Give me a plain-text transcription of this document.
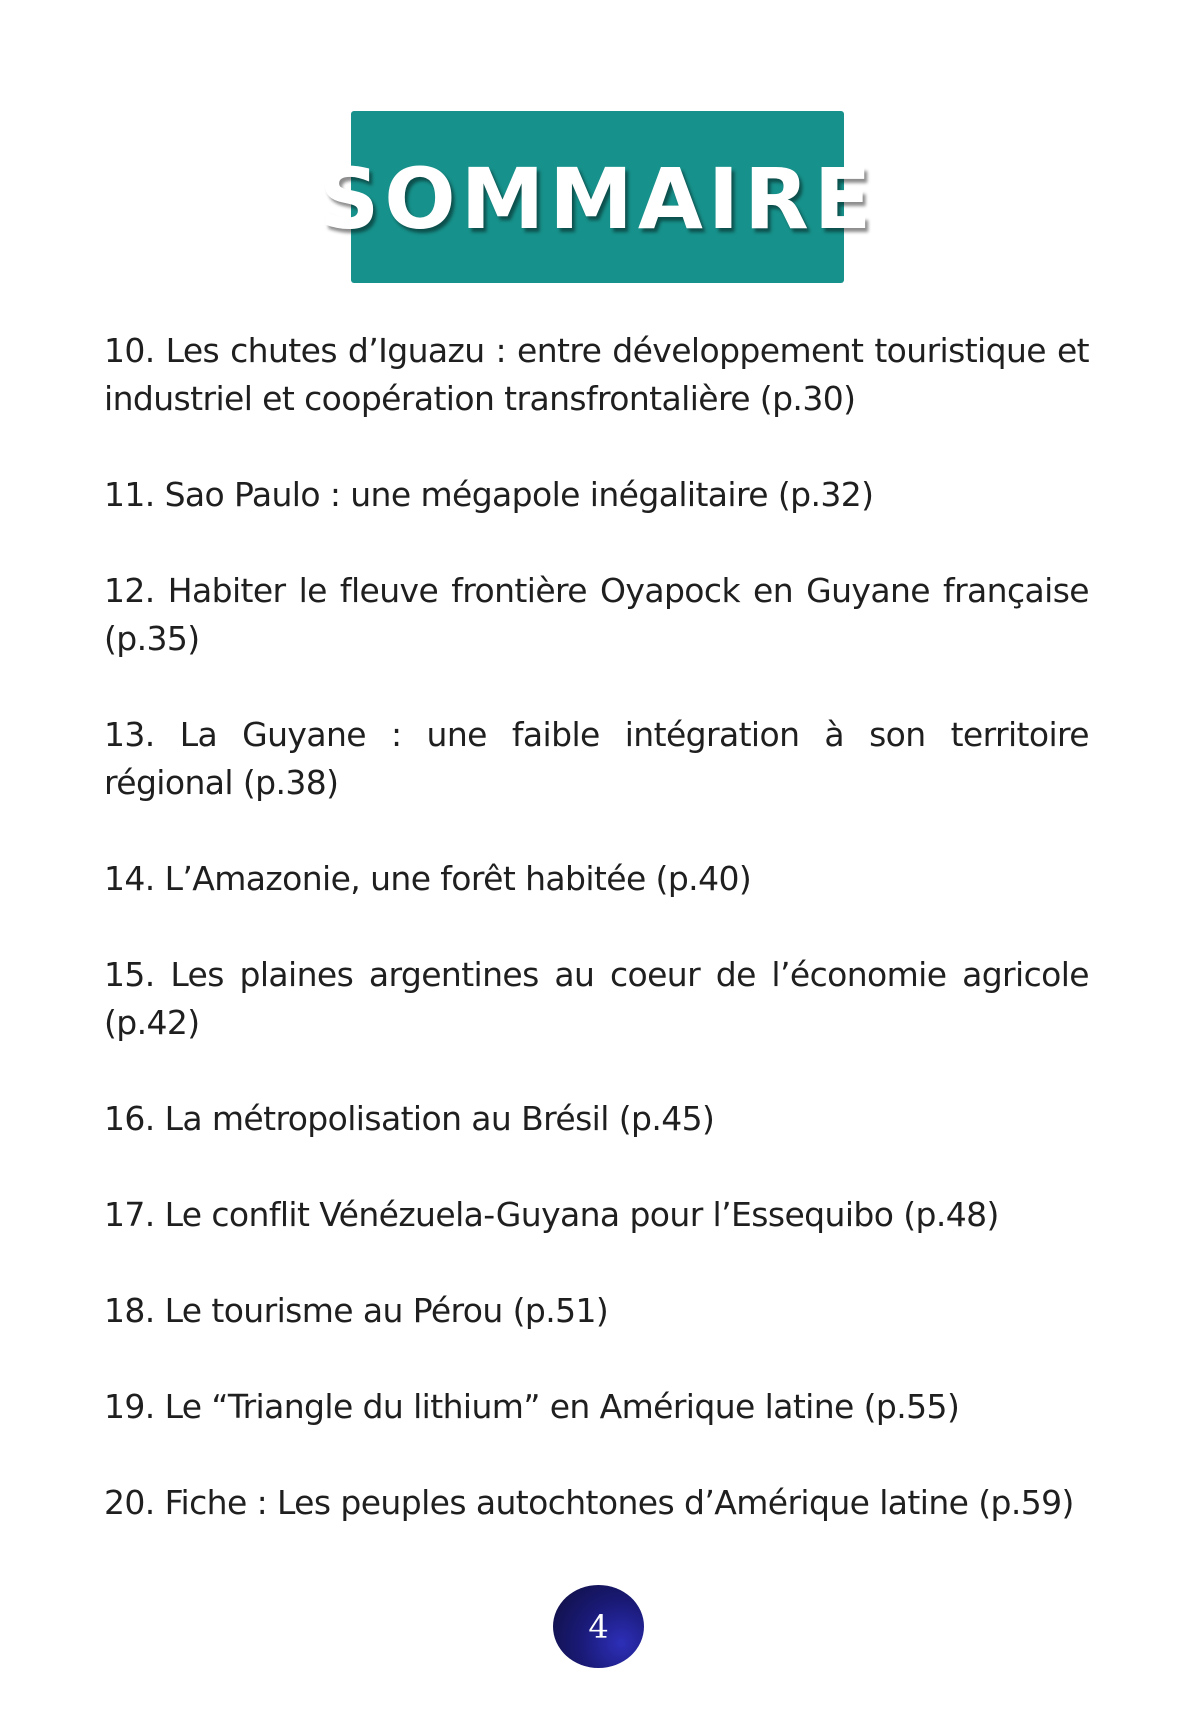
SOMMAIRE
10. Les chutes d’Iguazu : entre développement touristique et industriel et coopération transfrontalière (p.30)
11. Sao Paulo : une mégapole inégalitaire (p.32)
12. Habiter le fleuve frontière Oyapock en Guyane française (p.35)
13. La Guyane : une faible intégration à son territoire régional (p.38)
14. L’Amazonie, une forêt habitée (p.40)
15. Les plaines argentines au coeur de l’économie agricole (p.42)
16. La métropolisation au Brésil (p.45)
17. Le conflit Vénézuela-Guyana pour l’Essequibo (p.48)
18. Le tourisme au Pérou (p.51)
19. Le “Triangle du lithium” en Amérique latine (p.55)
20. Fiche : Les peuples autochtones d’Amérique latine (p.59)
4
